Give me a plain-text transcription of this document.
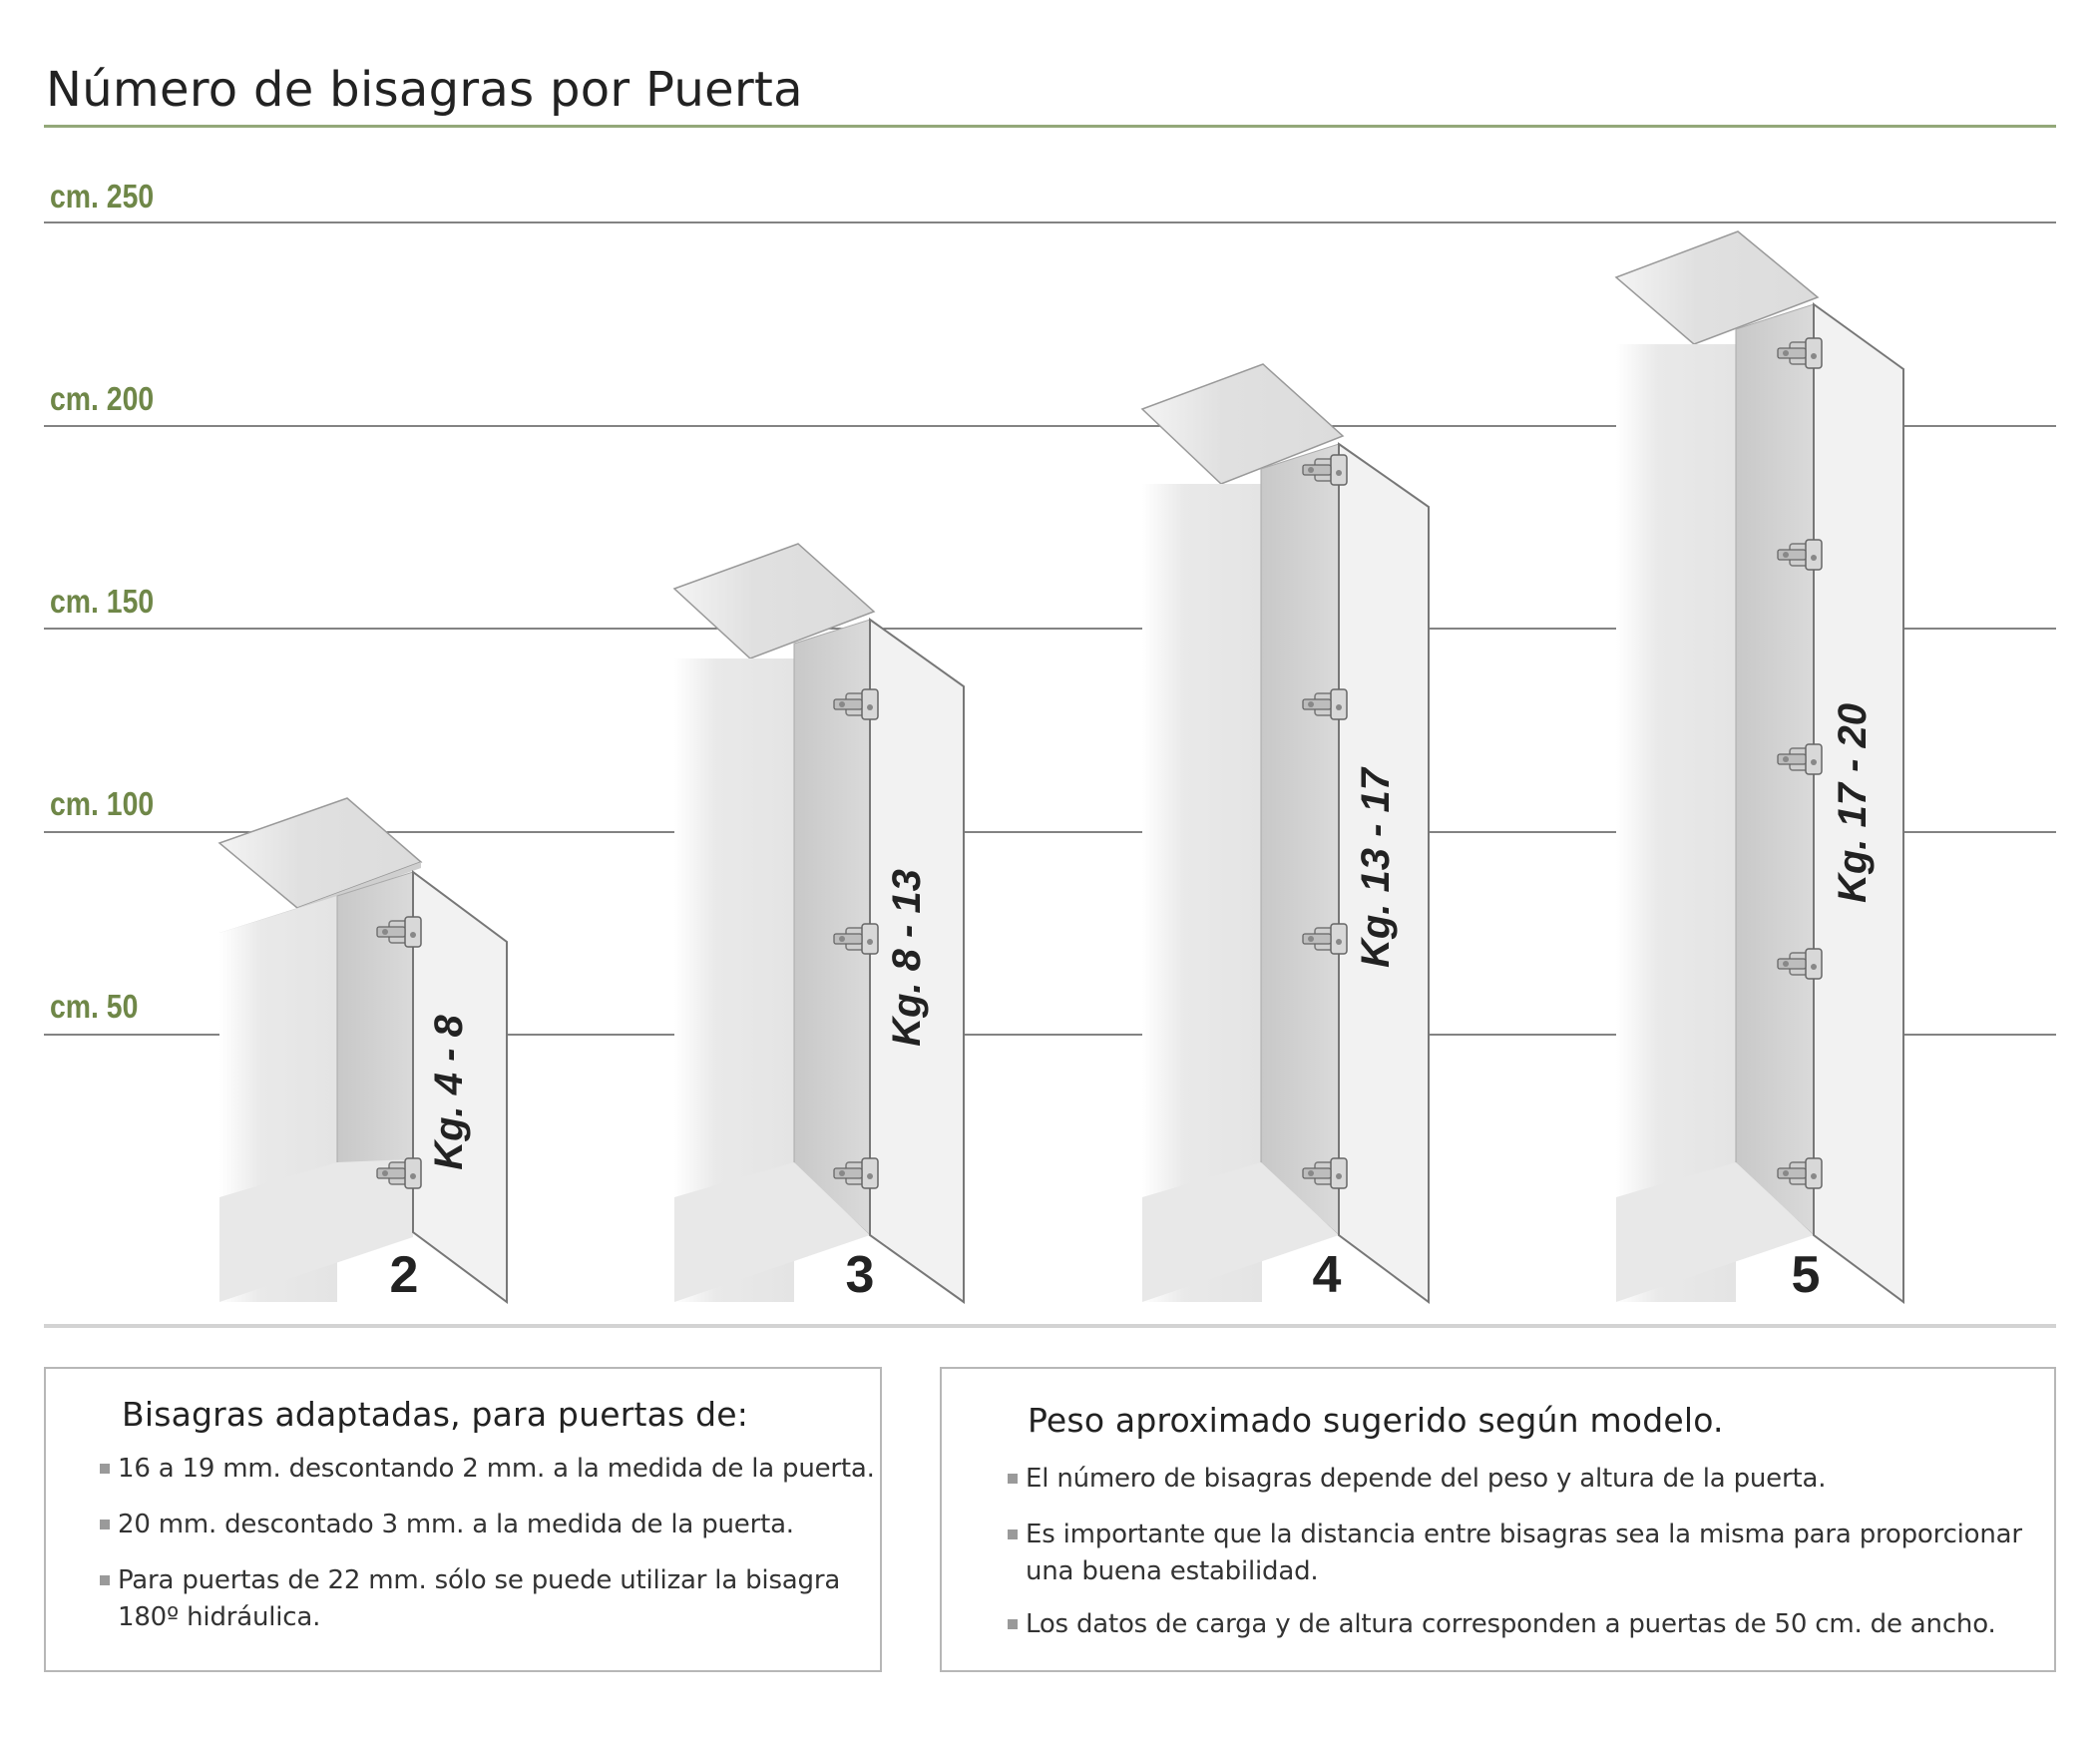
Número de bisagras por Puerta
cm. 250
cm. 200
cm. 150
cm. 100
cm. 50
Kg. 4 - 8
2
Kg. 8 - 13
3
Kg. 13 - 17
4
Kg. 17 - 20
5
Bisagras adaptadas, para puertas de:
16 a 19 mm. descontando 2 mm. a la medida de la puerta.
20 mm. descontado 3 mm. a la medida de la puerta.
Para puertas de 22 mm. sólo se puede utilizar la bisagra
180º hidráulica.
Peso aproximado sugerido según modelo.
El número de bisagras depende del peso y altura de la puerta.
Es importante que la distancia entre bisagras sea la misma para proporcionar
una buena estabilidad.
Los datos de carga y de altura corresponden a puertas de 50 cm. de ancho.
